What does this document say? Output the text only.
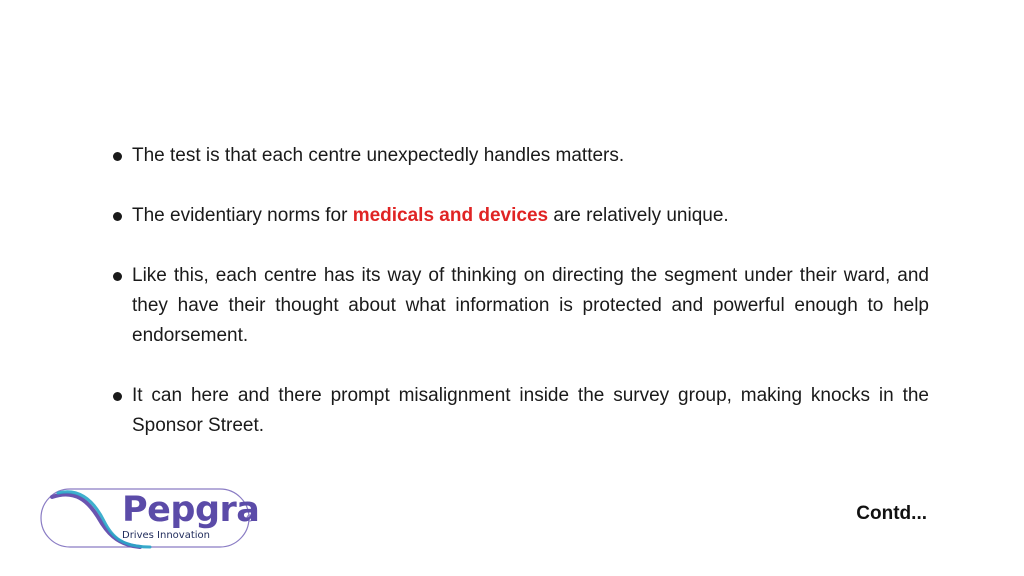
The test is that each centre unexpectedly handles matters.
The evidentiary norms for medicals and devices are relatively unique.
Like this, each centre has its way of thinking on directing the segment under their ward, and they have their thought about what information is protected and powerful enough to help endorsement.
It can here and there prompt misalignment inside the survey group, making knocks in the Sponsor Street.
Pepgra
Drives Innovation
Contd...
